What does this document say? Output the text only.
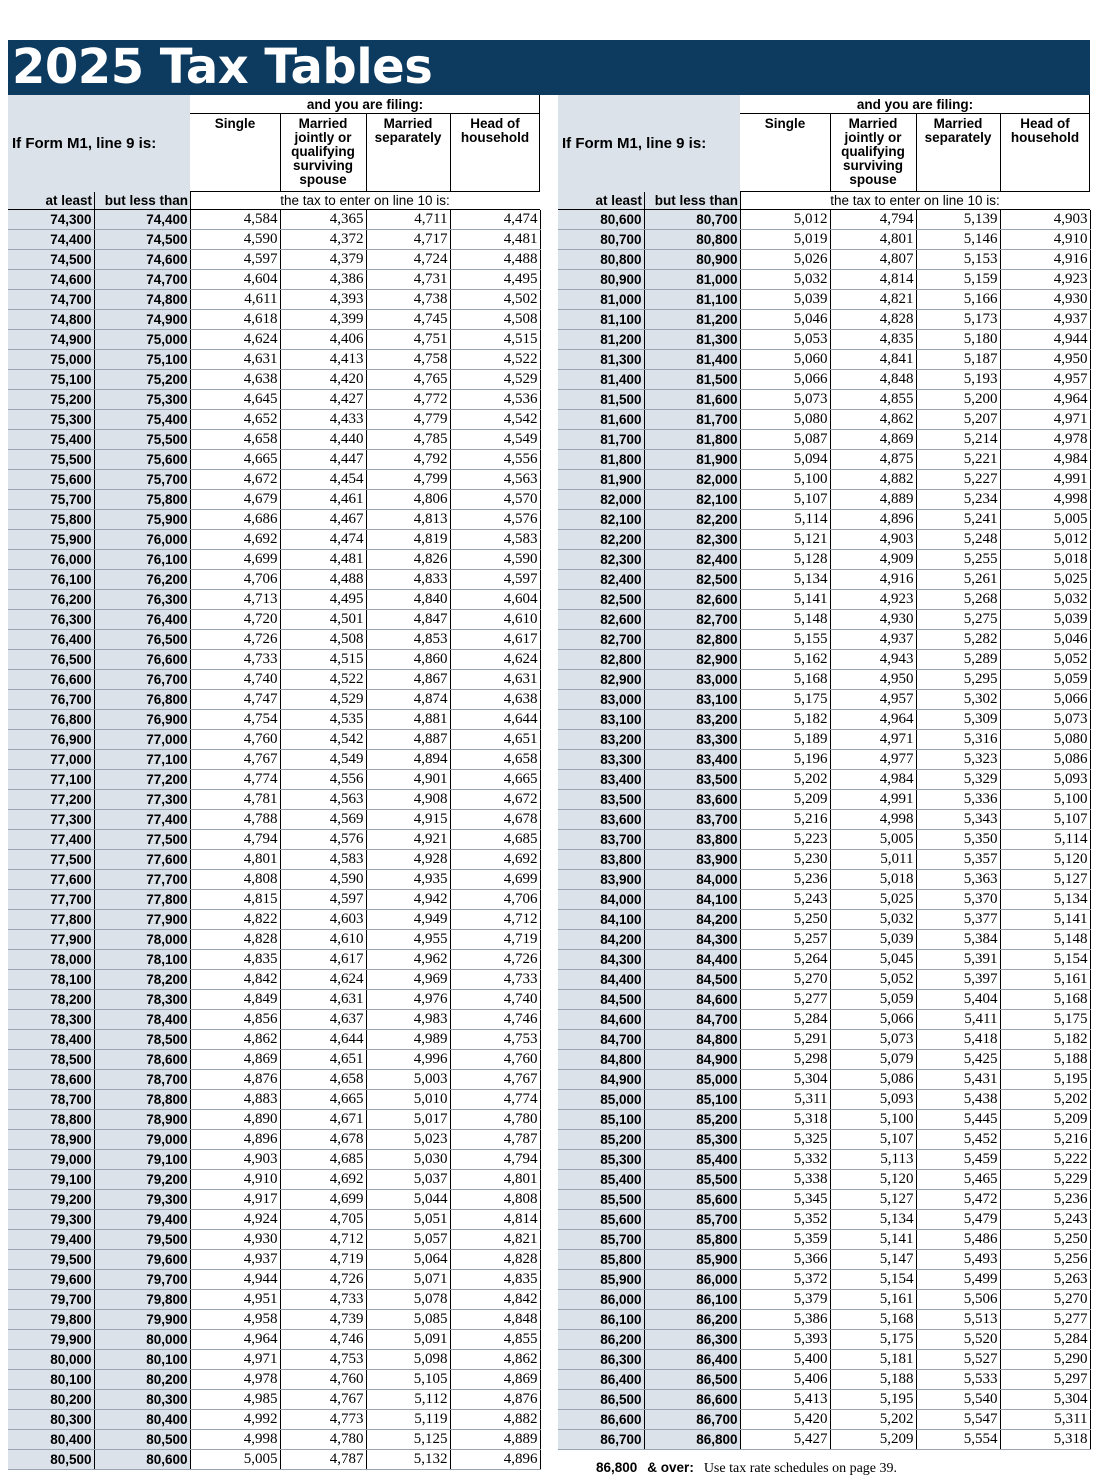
2025 Tax Tables
If Form M1, line 9 is:
and you are filing:
Single	Married
jointly or
qualifying
surviving
spouse
Married
separately
Head of
household
at least but less than	the tax to enter on line 10 is:
74,300	74,400	4,584	4,365	4,711	4,474
74,400	74,500	4,590	4,372	4,717	4,481
74,500	74,600	4,597	4,379	4,724	4,488
74,600	74,700	4,604	4,386	4,731	4,495
74,700	74,800	4,611	4,393	4,738	4,502
74,800	74,900	4,618	4,399	4,745	4,508
74,900	75,000	4,624	4,406	4,751	4,515
75,000	75,100	4,631	4,413	4,758	4,522
75,100	75,200	4,638	4,420	4,765	4,529
75,200	75,300	4,645	4,427	4,772	4,536
75,300	75,400	4,652	4,433	4,779	4,542
75,400	75,500	4,658	4,440	4,785	4,549
75,500	75,600	4,665	4,447	4,792	4,556
75,600	75,700	4,672	4,454	4,799	4,563
75,700	75,800	4,679	4,461	4,806	4,570
75,800	75,900	4,686	4,467	4,813	4,576
75,900	76,000	4,692	4,474	4,819	4,583
76,000	76,100	4,699	4,481	4,826	4,590
76,100	76,200	4,706	4,488	4,833	4,597
76,200	76,300	4,713	4,495	4,840	4,604
76,300	76,400	4,720	4,501	4,847	4,610
76,400	76,500	4,726	4,508	4,853	4,617
76,500	76,600	4,733	4,515	4,860	4,624
76,600	76,700	4,740	4,522	4,867	4,631
76,700	76,800	4,747	4,529	4,874	4,638
76,800	76,900	4,754	4,535	4,881	4,644
76,900	77,000	4,760	4,542	4,887	4,651
77,000	77,100	4,767	4,549	4,894	4,658
77,100	77,200	4,774	4,556	4,901	4,665
77,200	77,300	4,781	4,563	4,908	4,672
77,300	77,400	4,788	4,569	4,915	4,678
77,400	77,500	4,794	4,576	4,921	4,685
77,500	77,600	4,801	4,583	4,928	4,692
77,600	77,700	4,808	4,590	4,935	4,699
77,700	77,800	4,815	4,597	4,942	4,706
77,800	77,900	4,822	4,603	4,949	4,712
77,900	78,000	4,828	4,610	4,955	4,719
78,000	78,100	4,835	4,617	4,962	4,726
78,100	78,200	4,842	4,624	4,969	4,733
78,200	78,300	4,849	4,631	4,976	4,740
78,300	78,400	4,856	4,637	4,983	4,746
78,400	78,500	4,862	4,644	4,989	4,753
78,500	78,600	4,869	4,651	4,996	4,760
78,600	78,700	4,876	4,658	5,003	4,767
78,700	78,800	4,883	4,665	5,010	4,774
78,800	78,900	4,890	4,671	5,017	4,780
78,900	79,000	4,896	4,678	5,023	4,787
79,000	79,100	4,903	4,685	5,030	4,794
79,100	79,200	4,910	4,692	5,037	4,801
79,200	79,300	4,917	4,699	5,044	4,808
79,300	79,400	4,924	4,705	5,051	4,814
79,400	79,500	4,930	4,712	5,057	4,821
79,500	79,600	4,937	4,719	5,064	4,828
79,600	79,700	4,944	4,726	5,071	4,835
79,700	79,800	4,951	4,733	5,078	4,842
79,800	79,900	4,958	4,739	5,085	4,848
79,900	80,000	4,964	4,746	5,091	4,855
80,000	80,100	4,971	4,753	5,098	4,862
80,100	80,200	4,978	4,760	5,105	4,869
80,200	80,300	4,985	4,767	5,112	4,876
80,300	80,400	4,992	4,773	5,119	4,882
80,400	80,500	4,998	4,780	5,125	4,889
80,500	80,600	5,005	4,787	5,132	4,896
If Form M1, line 9 is:
and you are filing:
Single	Married
jointly or
qualifying
surviving
spouse
Married
separately
Head of
household
at least but less than	the tax to enter on line 10 is:
80,600	80,700	5,012	4,794	5,139	4,903
80,700	80,800	5,019	4,801	5,146	4,910
80,800	80,900	5,026	4,807	5,153	4,916
80,900	81,000	5,032	4,814	5,159	4,923
81,000	81,100	5,039	4,821	5,166	4,930
81,100	81,200	5,046	4,828	5,173	4,937
81,200	81,300	5,053	4,835	5,180	4,944
81,300	81,400	5,060	4,841	5,187	4,950
81,400	81,500	5,066	4,848	5,193	4,957
81,500	81,600	5,073	4,855	5,200	4,964
81,600	81,700	5,080	4,862	5,207	4,971
81,700	81,800	5,087	4,869	5,214	4,978
81,800	81,900	5,094	4,875	5,221	4,984
81,900	82,000	5,100	4,882	5,227	4,991
82,000	82,100	5,107	4,889	5,234	4,998
82,100	82,200	5,114	4,896	5,241	5,005
82,200	82,300	5,121	4,903	5,248	5,012
82,300	82,400	5,128	4,909	5,255	5,018
82,400	82,500	5,134	4,916	5,261	5,025
82,500	82,600	5,141	4,923	5,268	5,032
82,600	82,700	5,148	4,930	5,275	5,039
82,700	82,800	5,155	4,937	5,282	5,046
82,800	82,900	5,162	4,943	5,289	5,052
82,900	83,000	5,168	4,950	5,295	5,059
83,000	83,100	5,175	4,957	5,302	5,066
83,100	83,200	5,182	4,964	5,309	5,073
83,200	83,300	5,189	4,971	5,316	5,080
83,300	83,400	5,196	4,977	5,323	5,086
83,400	83,500	5,202	4,984	5,329	5,093
83,500	83,600	5,209	4,991	5,336	5,100
83,600	83,700	5,216	4,998	5,343	5,107
83,700	83,800	5,223	5,005	5,350	5,114
83,800	83,900	5,230	5,011	5,357	5,120
83,900	84,000	5,236	5,018	5,363	5,127
84,000	84,100	5,243	5,025	5,370	5,134
84,100	84,200	5,250	5,032	5,377	5,141
84,200	84,300	5,257	5,039	5,384	5,148
84,300	84,400	5,264	5,045	5,391	5,154
84,400	84,500	5,270	5,052	5,397	5,161
84,500	84,600	5,277	5,059	5,404	5,168
84,600	84,700	5,284	5,066	5,411	5,175
84,700	84,800	5,291	5,073	5,418	5,182
84,800	84,900	5,298	5,079	5,425	5,188
84,900	85,000	5,304	5,086	5,431	5,195
85,000	85,100	5,311	5,093	5,438	5,202
85,100	85,200	5,318	5,100	5,445	5,209
85,200	85,300	5,325	5,107	5,452	5,216
85,300	85,400	5,332	5,113	5,459	5,222
85,400	85,500	5,338	5,120	5,465	5,229
85,500	85,600	5,345	5,127	5,472	5,236
85,600	85,700	5,352	5,134	5,479	5,243
85,700	85,800	5,359	5,141	5,486	5,250
85,800	85,900	5,366	5,147	5,493	5,256
85,900	86,000	5,372	5,154	5,499	5,263
86,000	86,100	5,379	5,161	5,506	5,270
86,100	86,200	5,386	5,168	5,513	5,277
86,200	86,300	5,393	5,175	5,520	5,284
86,300	86,400	5,400	5,181	5,527	5,290
86,400	86,500	5,406	5,188	5,533	5,297
86,500	86,600	5,413	5,195	5,540	5,304
86,600	86,700	5,420	5,202	5,547	5,311
86,700	86,800	5,427	5,209	5,554	5,318
86,800 & over: Use tax rate schedules on page 39.
